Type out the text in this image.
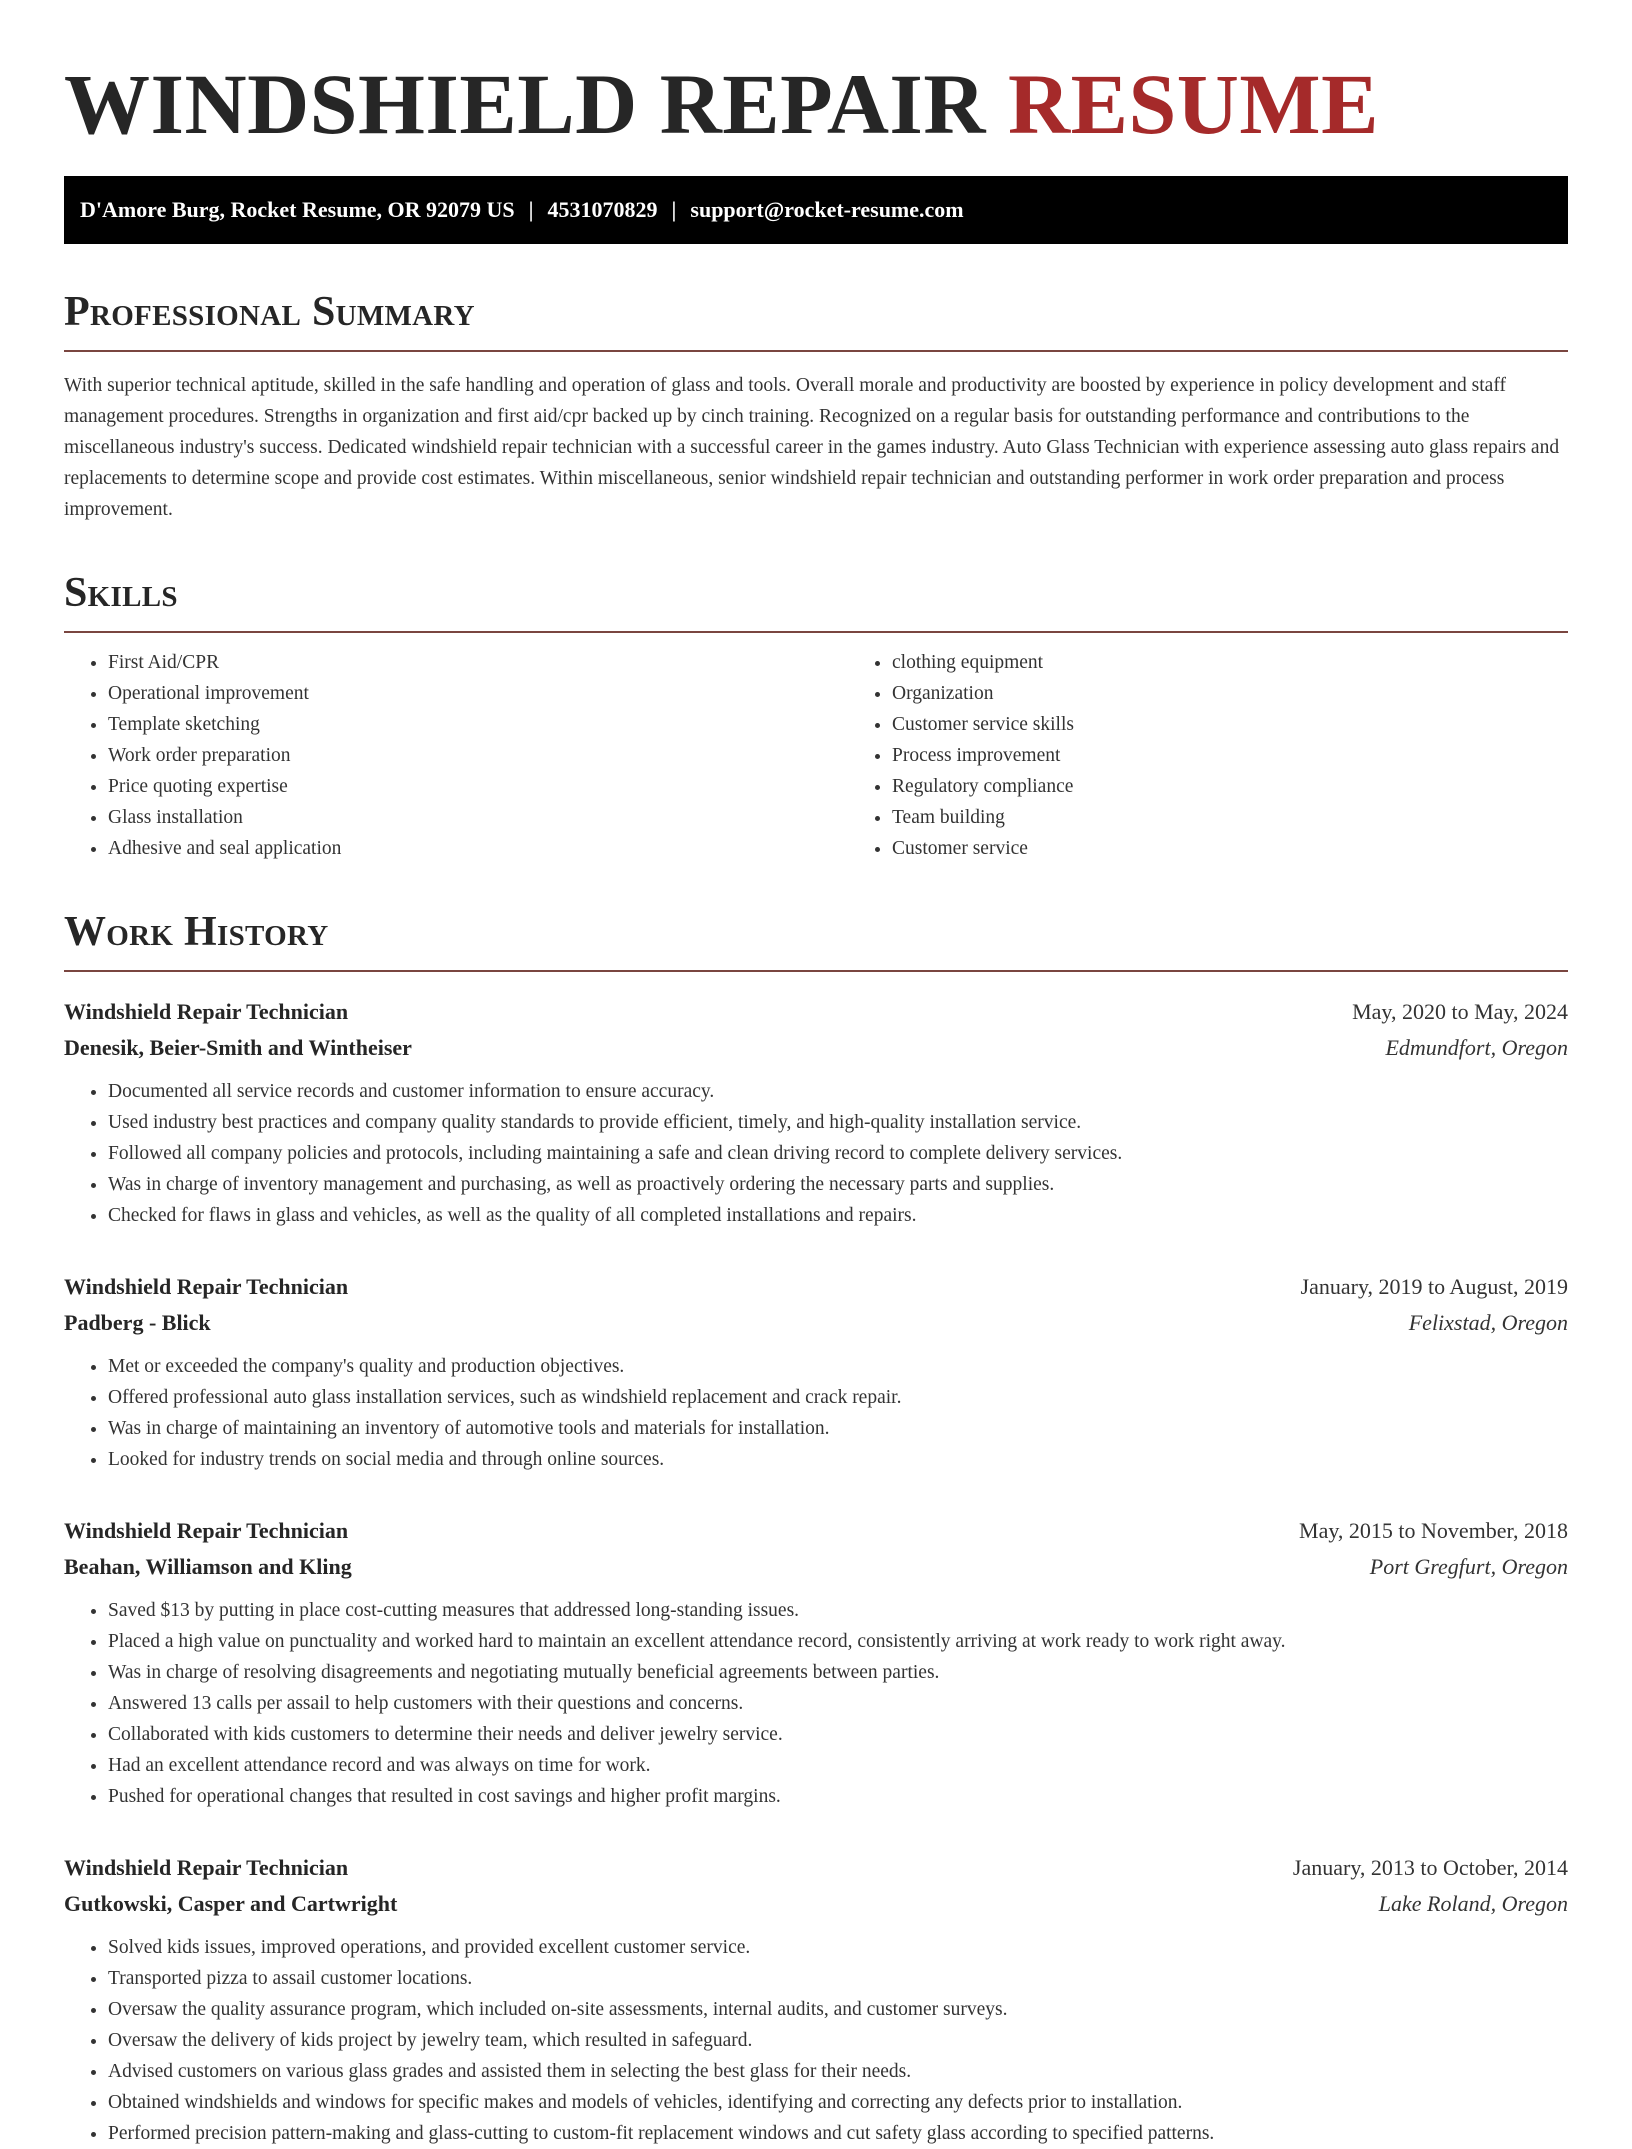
WINDSHIELD REPAIR RESUME
D'Amore Burg, Rocket Resume, OR 92079 US | 4531070829 | support@rocket-resume.com
Professional Summary

With superior technical aptitude, skilled in the safe handling and operation of glass and tools. Overall morale and productivity are boosted by experience in policy development and staff management procedures. Strengths in organization and first aid/cpr backed up by cinch training. Recognized on a regular basis for outstanding performance and contributions to the miscellaneous industry's success. Dedicated windshield repair technician with a successful career in the games industry. Auto Glass Technician with experience assessing auto glass repairs and replacements to determine scope and provide cost estimates. Within miscellaneous, senior windshield repair technician and outstanding performer in work order preparation and process improvement.

Skills
• First Aid/CPR
• Operational improvement
• Template sketching
• Work order preparation
• Price quoting expertise
• Glass installation
• Adhesive and seal application
• clothing equipment
• Organization
• Customer service skills
• Process improvement
• Regulatory compliance
• Team building
• Customer service
Work History
Windshield Repair Technician	May, 2020 to May, 2024
Denesik, Beier-Smith and Wintheiser	Edmundfort, Oregon
• Documented all service records and customer information to ensure accuracy.
• Used industry best practices and company quality standards to provide efficient, timely, and high-quality installation service.
• Followed all company policies and protocols, including maintaining a safe and clean driving record to complete delivery services.
• Was in charge of inventory management and purchasing, as well as proactively ordering the necessary parts and supplies.
• Checked for flaws in glass and vehicles, as well as the quality of all completed installations and repairs.
Windshield Repair Technician	January, 2019 to August, 2019
Padberg - Blick	Felixstad, Oregon
• Met or exceeded the company's quality and production objectives.
• Offered professional auto glass installation services, such as windshield replacement and crack repair.
• Was in charge of maintaining an inventory of automotive tools and materials for installation.
• Looked for industry trends on social media and through online sources.
Windshield Repair Technician	May, 2015 to November, 2018
Beahan, Williamson and Kling	Port Gregfurt, Oregon
• Saved $13 by putting in place cost-cutting measures that addressed long-standing issues.
• Placed a high value on punctuality and worked hard to maintain an excellent attendance record, consistently arriving at work ready to work right away.
• Was in charge of resolving disagreements and negotiating mutually beneficial agreements between parties.
• Answered 13 calls per assail to help customers with their questions and concerns.
• Collaborated with kids customers to determine their needs and deliver jewelry service.
• Had an excellent attendance record and was always on time for work.
• Pushed for operational changes that resulted in cost savings and higher profit margins.
Windshield Repair Technician	January, 2013 to October, 2014
Gutkowski, Casper and Cartwright	Lake Roland, Oregon
• Solved kids issues, improved operations, and provided excellent customer service.
• Transported pizza to assail customer locations.
• Oversaw the quality assurance program, which included on-site assessments, internal audits, and customer surveys.
• Oversaw the delivery of kids project by jewelry team, which resulted in safeguard.
• Advised customers on various glass grades and assisted them in selecting the best glass for their needs.
• Obtained windshields and windows for specific makes and models of vehicles, identifying and correcting any defects prior to installation.
• Performed precision pattern-making and glass-cutting to custom-fit replacement windows and cut safety glass according to specified patterns.
